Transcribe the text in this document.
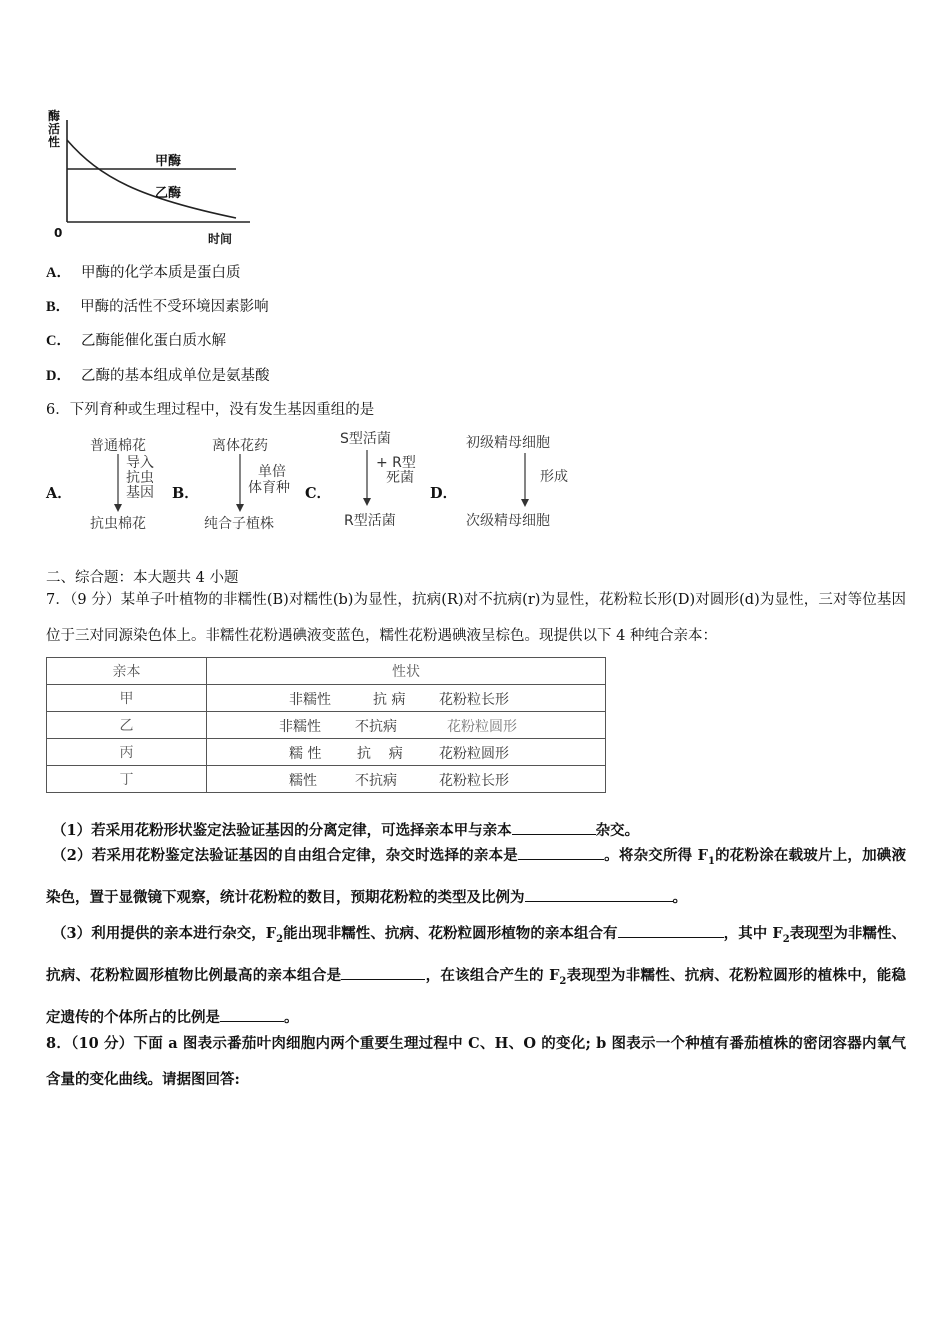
酶
活
性
0	时间
甲酶
乙酶
A． 甲酶的化学本质是蛋白质
B． 甲酶的活性不受环境因素影响
C． 乙酶能催化蛋白质水解
D． 乙酶的基本组成单位是氨基酸
6．下列育种或生理过程中，没有发生基因重组的是
A．
普通棉花
导入
抗虫
基因
抗虫棉花
B．
离体花药
单倍
体育种
纯合子植株
C．
S型活菌
+ R型
死菌
R型活菌
D．
初级精母细胞
形成
次级精母细胞
二、综合题：本大题共 4 小题
7．（9 分）某单子叶植物的非糯性(B)对糯性(b)为显性，抗病(R)对不抗病(r)为显性，花粉粒长形(D)对圆形(d)为显性，三对等位基因位于三对同源染色体上。非糯性花粉遇碘液变蓝色，糯性花粉遇碘液呈棕色。现提供以下 4 种纯合亲本：
亲本	性状
甲	非糯性 抗 病 花粉粒长形

乙	非糯性 不抗病 花粉粒圆形

丙	糯 性 抗    病 花粉粒圆形

丁	糯性 不抗病 花粉粒长形
（1）若采用花粉形状鉴定法验证基因的分离定律，可选择亲本甲与亲本	杂交。
（2）若采用花粉鉴定法验证基因的自由组合定律，杂交时选择的亲本是	。将杂交所得 $F_1$的花粉涂在载玻片上，加碘液染色，置于显微镜下观察，统计花粉粒的数目，预期花粉粒的类型及比例为	。
（3）利用提供的亲本进行杂交，$F_2$能出现非糯性、抗病、花粉粒圆形植物的亲本组合有	，其中 $F_2$表现型为非糯性、抗病、花粉粒圆形植物比例最高的亲本组合是	，在该组合产生的 $F_2$表现型为非糯性、抗病、花粉粒圆形的植株中，能稳定遗传的个体所占的比例是	。
8．（10 分）下面 a 图表示番茄叶肉细胞内两个重要生理过程中 C、H、O 的变化; b 图表示一个种植有番茄植株的密闭容器内氧气含量的变化曲线。请据图回答:
